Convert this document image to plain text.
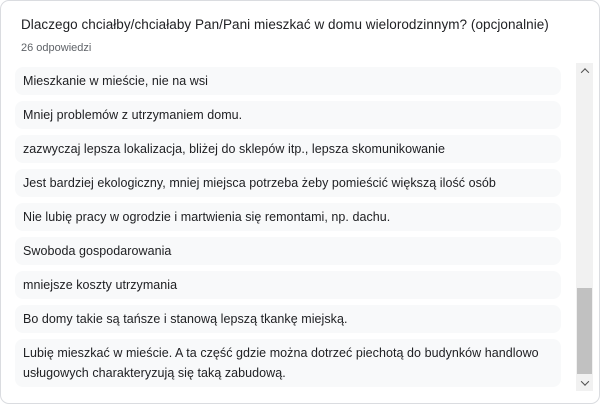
Dlaczego chciałby/chciałaby Pan/Pani mieszkać w domu wielorodzinnym? (opcjonalnie)
26 odpowiedzi
Mieszkanie w mieście, nie na wsi
Mniej problemów z utrzymaniem domu.
zazwyczaj lepsza lokalizacja, bliżej do sklepów itp., lepsza skomunikowanie
Jest bardziej ekologiczny, mniej miejsca potrzeba żeby pomieścić większą ilość osób
Nie lubię pracy w ogrodzie i martwienia się remontami, np. dachu.
Swoboda gospodarowania
mniejsze koszty utrzymania
Bo domy takie są tańsze i stanową lepszą tkankę miejską.
Lubię mieszkać w mieście. A ta część gdzie można dotrzeć piechotą do budynków handlowo usługowych charakteryzują się taką zabudową.
